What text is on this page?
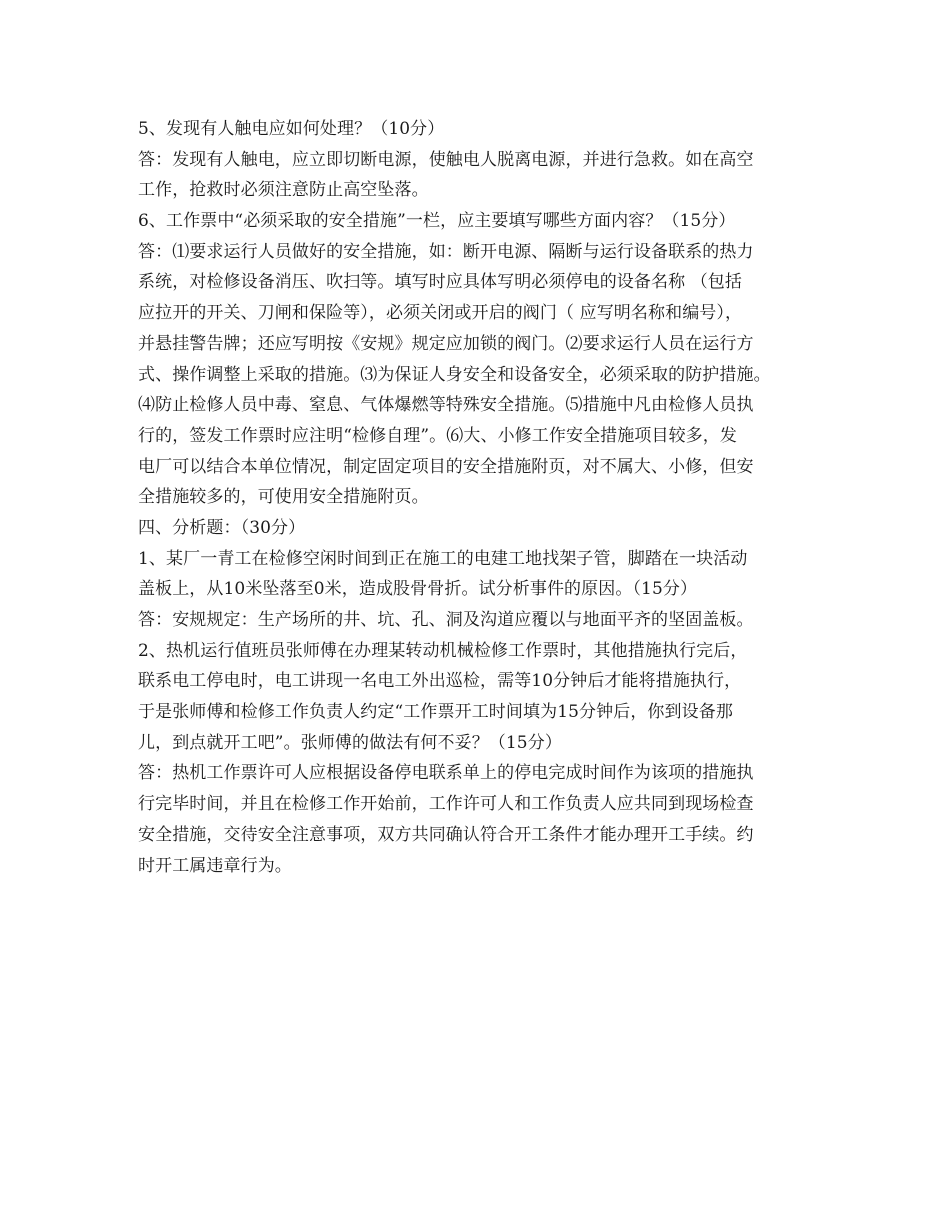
5、发现有人触电应如何处理？（10分）
答：发现有人触电，应立即切断电源，使触电人脱离电源，并进行急救。如在高空
工作，抢救时必须注意防止高空坠落。
6、工作票中“必须采取的安全措施”一栏，应主要填写哪些方面内容？（15分）
答：⑴要求运行人员做好的安全措施，如：断开电源、隔断与运行设备联系的热力
系统，对检修设备消压、吹扫等。填写时应具体写明必须停电的设备名称 （包括
应拉开的开关、刀闸和保险等），必须关闭或开启的阀门（ 应写明名称和编号），
并悬挂警告牌；还应写明按《安规》规定应加锁的阀门。⑵要求运行人员在运行方
式、操作调整上采取的措施。⑶为保证人身安全和设备安全，必须采取的防护措施。
⑷防止检修人员中毒、窒息、气体爆燃等特殊安全措施。⑸措施中凡由检修人员执
行的，签发工作票时应注明“检修自理”。⑹大、小修工作安全措施项目较多，发
电厂可以结合本单位情况，制定固定项目的安全措施附页，对不属大、小修，但安
全措施较多的，可使用安全措施附页。
四、分析题：（30分）
1、某厂一青工在检修空闲时间到正在施工的电建工地找架子管，脚踏在一块活动
盖板上，从10米坠落至0米，造成股骨骨折。试分析事件的原因。（15分）
答：安规规定：生产场所的井、坑、孔、洞及沟道应覆以与地面平齐的坚固盖板。
2、热机运行值班员张师傅在办理某转动机械检修工作票时，其他措施执行完后，
联系电工停电时，电工讲现一名电工外出巡检，需等10分钟后才能将措施执行，
于是张师傅和检修工作负责人约定“工作票开工时间填为15分钟后，你到设备那
儿，到点就开工吧”。张师傅的做法有何不妥？（15分）
答：热机工作票许可人应根据设备停电联系单上的停电完成时间作为该项的措施执
行完毕时间，并且在检修工作开始前，工作许可人和工作负责人应共同到现场检查
安全措施，交待安全注意事项，双方共同确认符合开工条件才能办理开工手续。约
时开工属违章行为。
